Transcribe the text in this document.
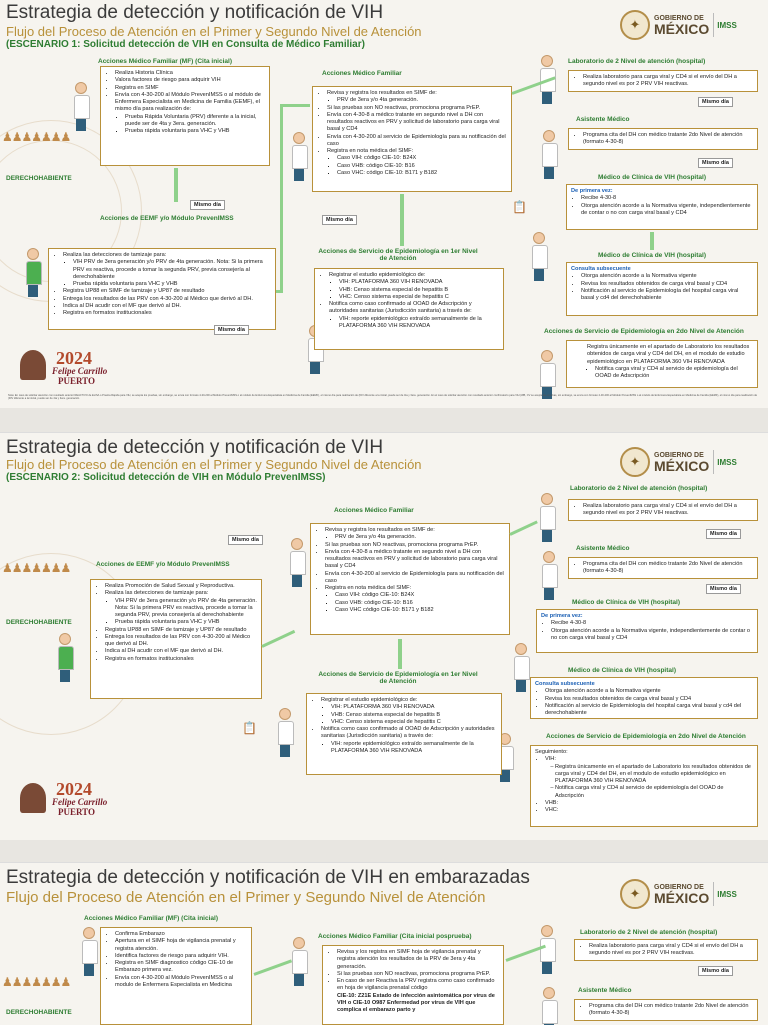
Estrategia de detección y notificación de VIH
Flujo del Proceso de Atención en el Primer y Segundo Nivel de Atención
(ESCENARIO 1: Solicitud detección de VIH en Consulta de Médico Familiar)
✦	GOBIERNO DE
MÉXICO	IMSS
♟♟♟♟♟♟♟
DERECHOHABIENTE
📋
Acciones Médico Familiar (MF) (Cita inicial)
• Realiza Historia Clínica
• Valora factores de riesgo para adquirir VIH
• Registra en SIMF
• Envía con 4-30-200 al Módulo PrevenIMSS o al módulo de Enfermera Especialista en Medicina de Familia (EEMF), el mismo día para realización de:
▪ Prueba Rápida Voluntaria (PRV) diferente a la inicial, puede ser de 4ta y 3era. generación.
▪ Prueba rápida voluntaria para VHC y VHB
Mismo día
Acciones de EEMF y/o Módulo PrevenIMSS
• Realiza las detecciones de tamizaje para:
▪ VIH PRV de 3era generación y/o PRV de 4ta generación. Nota: Si la primera PRV es reactiva, procede a tomar la segunda PRV, previa consejería al derechohabiente
▪ Prueba rápida voluntaria para VHC y VHB
• Registra UP88 en SIMF de tamizaje y UP87 de resultado
• Entrega los resultados de las PRV con 4-30-200 al Médico que derivó al DH.
• Indica al DH acudir con el MF que derivó al DH.
• Registra en formatos institucionales
Mismo día
Acciones Médico Familiar
• Revisa y registra los resultados en SIMF de:
▪ PRV de 3era y/o 4ta generación.
• Si las pruebas son NO reactivas, promociona programa PrEP.
• Envía con 4-30-8 a médico tratante en segundo nivel a DH con resultados reactivos en PRV y solicitud de laboratorio para carga viral basal y CD4
• Envía con 4-30-200 al servicio de Epidemiología para su notificación del caso
• Registra en nota médica del SIMF:
▪ Caso VIH: código CIE-10: B24X
▪ Caso VHB: código CIE-10: B16
▪ Caso VHC: código CIE-10: B171 y B182
Mismo día
Acciones de Servicio de Epidemiología en 1er Nivel de Atención
• Registrar el estudio epidemiológico de:
▪ VIH: PLATAFORMA 360 VIH RENOVADA
▪ VHB: Censo sistema especial de hepatitis B
▪ VHC: Censo sistema especial de hepatitis C
• Notifica como caso confirmado al OOAD de Adscripción y autoridades sanitarias (Jurisdicción sanitaria) a través de:
▪ VIH: reporte epidemiológico extraído semanalmente de la PLATAFORMA 360 VIH RENOVADA
Laboratorio de 2 Nivel de atención (hospital)
• Realiza laboratorio para carga viral y CD4 si el envío del DH a segundo nivel es por 2 PRV VIH reactivas.
Mismo día
Asistente Médico
• Programa cita del DH con médico tratante 2do Nivel de atención (formato 4-30-8)
Mismo día
Médico de Clínica de VIH (hospital)
De primera vez:
• Recibe 4-30-8
• Otorga atención acorde a la Normativa vigente, independientemente de contar o no con carga viral basal y CD4
Médico de Clínica de VIH (hospital)
Consulta subsecuente
• Otorga atención acorde a la Normativa vigente
• Revisa los resultados obtenidos de carga viral basal y CD4
• Notificación al servicio de Epidemiología del hospital carga viral basal y cd4 del derechohabiente
Acciones de Servicio de Epidemiología en 2do Nivel de Atención
Registra únicamente en el apartado de Laboratorio los resultados obtenidos de carga viral y CD4 del DH, en el modulo de estudio epidemiológico en PLATAFORMA 360 VIH RENOVADA
▪ Notifica carga viral y CD4 al servicio de epidemiología del OOAD de Adscripción
2024
Felipe Carrillo
PUERTO
Nota: En caso de solicitar atención con resultado anterior REACTIVO de ELISA o Prueba Rápida para VIH, se acepta los pruebas, sin embargo, se envía con formato 4-30-200 al Módulo PrevenIMSS o al módulo de Enfermera Especialista en Medicina de Familia (EEMF), el mismo día para realización de (IDV diferente a la inicial, puede ser de 4ta y 3era. generación. En el caso de solicitar atención con resultado anterior confirmatorio para VIH (WB, CV se acepta las pruebas, sin embargo, se envía con formato 4-30-200 al Módulo PrevenIMSS o al módulo de Enfermera Especialista en Medicina de Familia (EEMF), el mismo día para realización de (IDV diferente a la inicial, puede ser de 4ta y 3era. generación.
Estrategia de detección y notificación de VIH
Flujo del Proceso de Atención en el Primer y Segundo Nivel de Atención
(ESCENARIO 2: Solicitud detección de VIH en Módulo PrevenIMSS)
✦	GOBIERNO DE
MÉXICO	IMSS
♟♟♟♟♟♟♟
DERECHOHABIENTE
📋
Mismo día
Acciones de EEMF y/o Módulo PrevenIMSS
• Realiza Promoción de Salud Sexual y Reproductiva.
• Realiza las detecciones de tamizaje para:
▪ VIH PRV de 3era generación y/o PRV de 4ta generación. Nota: Si la primera PRV es reactiva, procede a tomar la segunda PRV, previa consejería al derechohabiente
▪ Prueba rápida voluntaria para VHC y VHB
• Registra UP88 en SIMF de tamizaje y UP87 de resultado
• Entrega los resultados de las PRV con 4-30-200 al Médico que derivó al DH.
• Indica al DH acudir con el MF que derivó al DH.
• Registra en formatos institucionales
Acciones Médico Familiar
• Revisa y registra los resultados en SIMF de:
▪ PRV de 3era y/o 4ta generación.
• Si las pruebas son NO reactivas, promociona programa PrEP.
• Envía con 4-30-8 a médico tratante en segundo nivel a DH con resultados reactivos en PRV y solicitud de laboratorio para carga viral basal y CD4
• Envía con 4-30-200 al servicio de Epidemiología para su notificación del caso
• Registra en nota médica del SIMF:
▪ Caso VIH: código CIE-10: B24X
▪ Caso VHB: código CIE-10: B16
▪ Caso VHC código CIE-10: B171 y B182
Acciones de Servicio de Epidemiología en 1er Nivel de Atención
• Registrar el estudio epidemiológico de:
▪ VIH: PLATAFORMA 360 VIH RENOVADA
▪ VHB: Censo sistema especial de hepatitis B
▪ VHC: Censo sistema especial de hepatitis C
• Notifica como caso confirmado al OOAD de Adscripción y autoridades sanitarias (Jurisdicción sanitaria) a través de:
▪ VIH: reporte epidemiológico extraído semanalmente de la PLATAFORMA 360 VIH RENOVADA
Laboratorio de 2 Nivel de atención (hospital)
• Realiza laboratorio para carga viral y CD4 si el envío del DH a segundo nivel es por 2 PRV VIH reactivas.
Mismo día
Asistente Médico
• Programa cita del DH con médico tratante 2do Nivel de atención (formato 4-30-8)
Mismo día
Médico de Clínica de VIH (hospital)
De primera vez:
• Recibe 4-30-8
• Otorga atención acorde a la Normativa vigente, independientemente de contar o no con carga viral basal y CD4
Médico de Clínica de VIH (hospital)
Consulta subsecuente
• Otorga atención acorde a la Normativa vigente
• Revisa los resultados obtenidos de carga viral basal y CD4
• Notificación al servicio de Epidemiología del hospital carga viral basal y cd4 del derechohabiente
Acciones de Servicio de Epidemiología en 2do Nivel de Atención
Seguimiento:
• VIH:
– Registra únicamente en el apartado de Laboratorio los resultados obtenidos de carga viral y CD4 del DH, en el modulo de estudio epidemiológico en PLATAFORMA 360 VIH RENOVADA
– Notifica carga viral y CD4 al servicio de epidemiología del OOAD de Adscripción
• VHB:
• VHC:
2024
Felipe Carrillo
PUERTO
Estrategia de detección y notificación de VIH en embarazadas
Flujo del Proceso de Atención en el Primer y Segundo Nivel de Atención	✦	GOBIERNO DE
MÉXICO	IMSS
♟♟♟♟♟♟♟
DERECHOHABIENTE
Acciones Médico Familiar (MF) (Cita inicial)
• Confirma Embarazo
• Apertura en el SIMF hoja de vigilancia prenatal y registra atención.
• Identifica factores de riesgo para adquirir VIH.
• Registra en SIMF diagnostico código CIE-10 de Embarazo primera vez.
• Envía con 4-30-200 al Módulo PrevenIMSS o al modulo de Enfermera Especialista en Medicina
Acciones Médico Familiar (Cita inicial posprueba)
• Revisa y los registra en SIMF hoja de vigilancia prenatal y registra atención los resultados de la PRV de 3era y 4ta generación.
• Si las pruebas son NO reactivas, promociona programa PrEP.
• En caso de ser Reactiva la PRV registra como caso confirmado en hoja de vigilancia prenatal código
CIE-10: Z21E Estado de infección asintomática por virus de VIH o CIE-10 O987 Enfermedad por virus de VIH que complica el embarazo parto y
Laboratorio de 2 Nivel de atención (hospital)
• Realiza laboratorio para carga viral y CD4 si el envío del DH a segundo nivel es por 2 PRV VIH reactivas.
Mismo día
Asistente Médico
• Programa cita del DH con médico tratante 2do Nivel de atención (formato 4-30-8)
